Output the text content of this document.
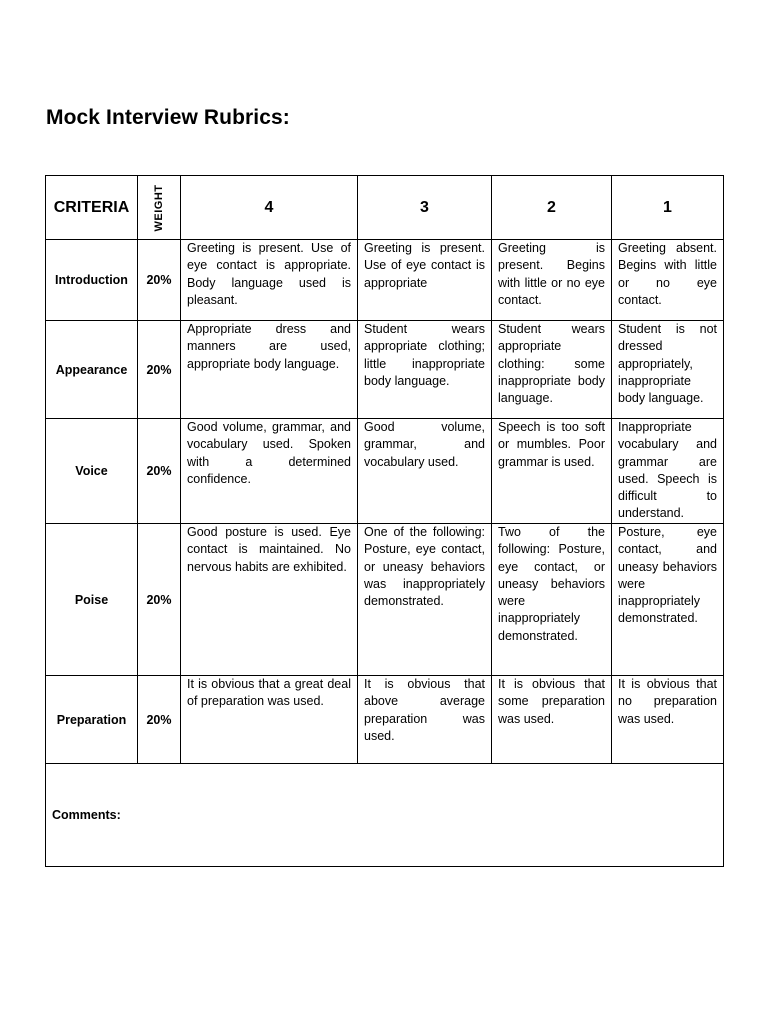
Mock Interview Rubrics:
CRITERIA	WEIGHT	4	3	2	1
Introduction	20%	Greeting is present. Use of eye contact is appropriate. Body language used is pleasant.	Greeting is present. Use of eye contact is appropriate	Greeting is present. Begins with little or no eye contact.	Greeting absent. Begins with little or no eye contact.
Appearance	20%	Appropriate dress and manners are used, appropriate body language.	Student wears appropriate clothing; little inappropriate body language.	Student wears appropriate clothing: some inappropriate body language.	Student is not dressed appropriately, inappropriate body language.
Voice	20%	Good volume, grammar, and vocabulary used. Spoken with a determined confidence.	Good volume, grammar, and vocabulary used.	Speech is too soft or mumbles. Poor grammar is used.	Inappropriate vocabulary and grammar are used. Speech is difficult to understand.
Poise	20%	Good posture is used. Eye contact is maintained. No nervous habits are exhibited.	One of the following: Posture, eye contact, or uneasy behaviors was inappropriately demonstrated.	Two of the following: Posture, eye contact, or uneasy behaviors were inappropriately demonstrated.	Posture, eye contact, and uneasy behaviors were inappropriately demonstrated.
Preparation	20%	It is obvious that a great deal of preparation was used.	It is obvious that above average preparation was used.	It is obvious that some preparation was used.	It is obvious that no preparation was used.
Comments:					
